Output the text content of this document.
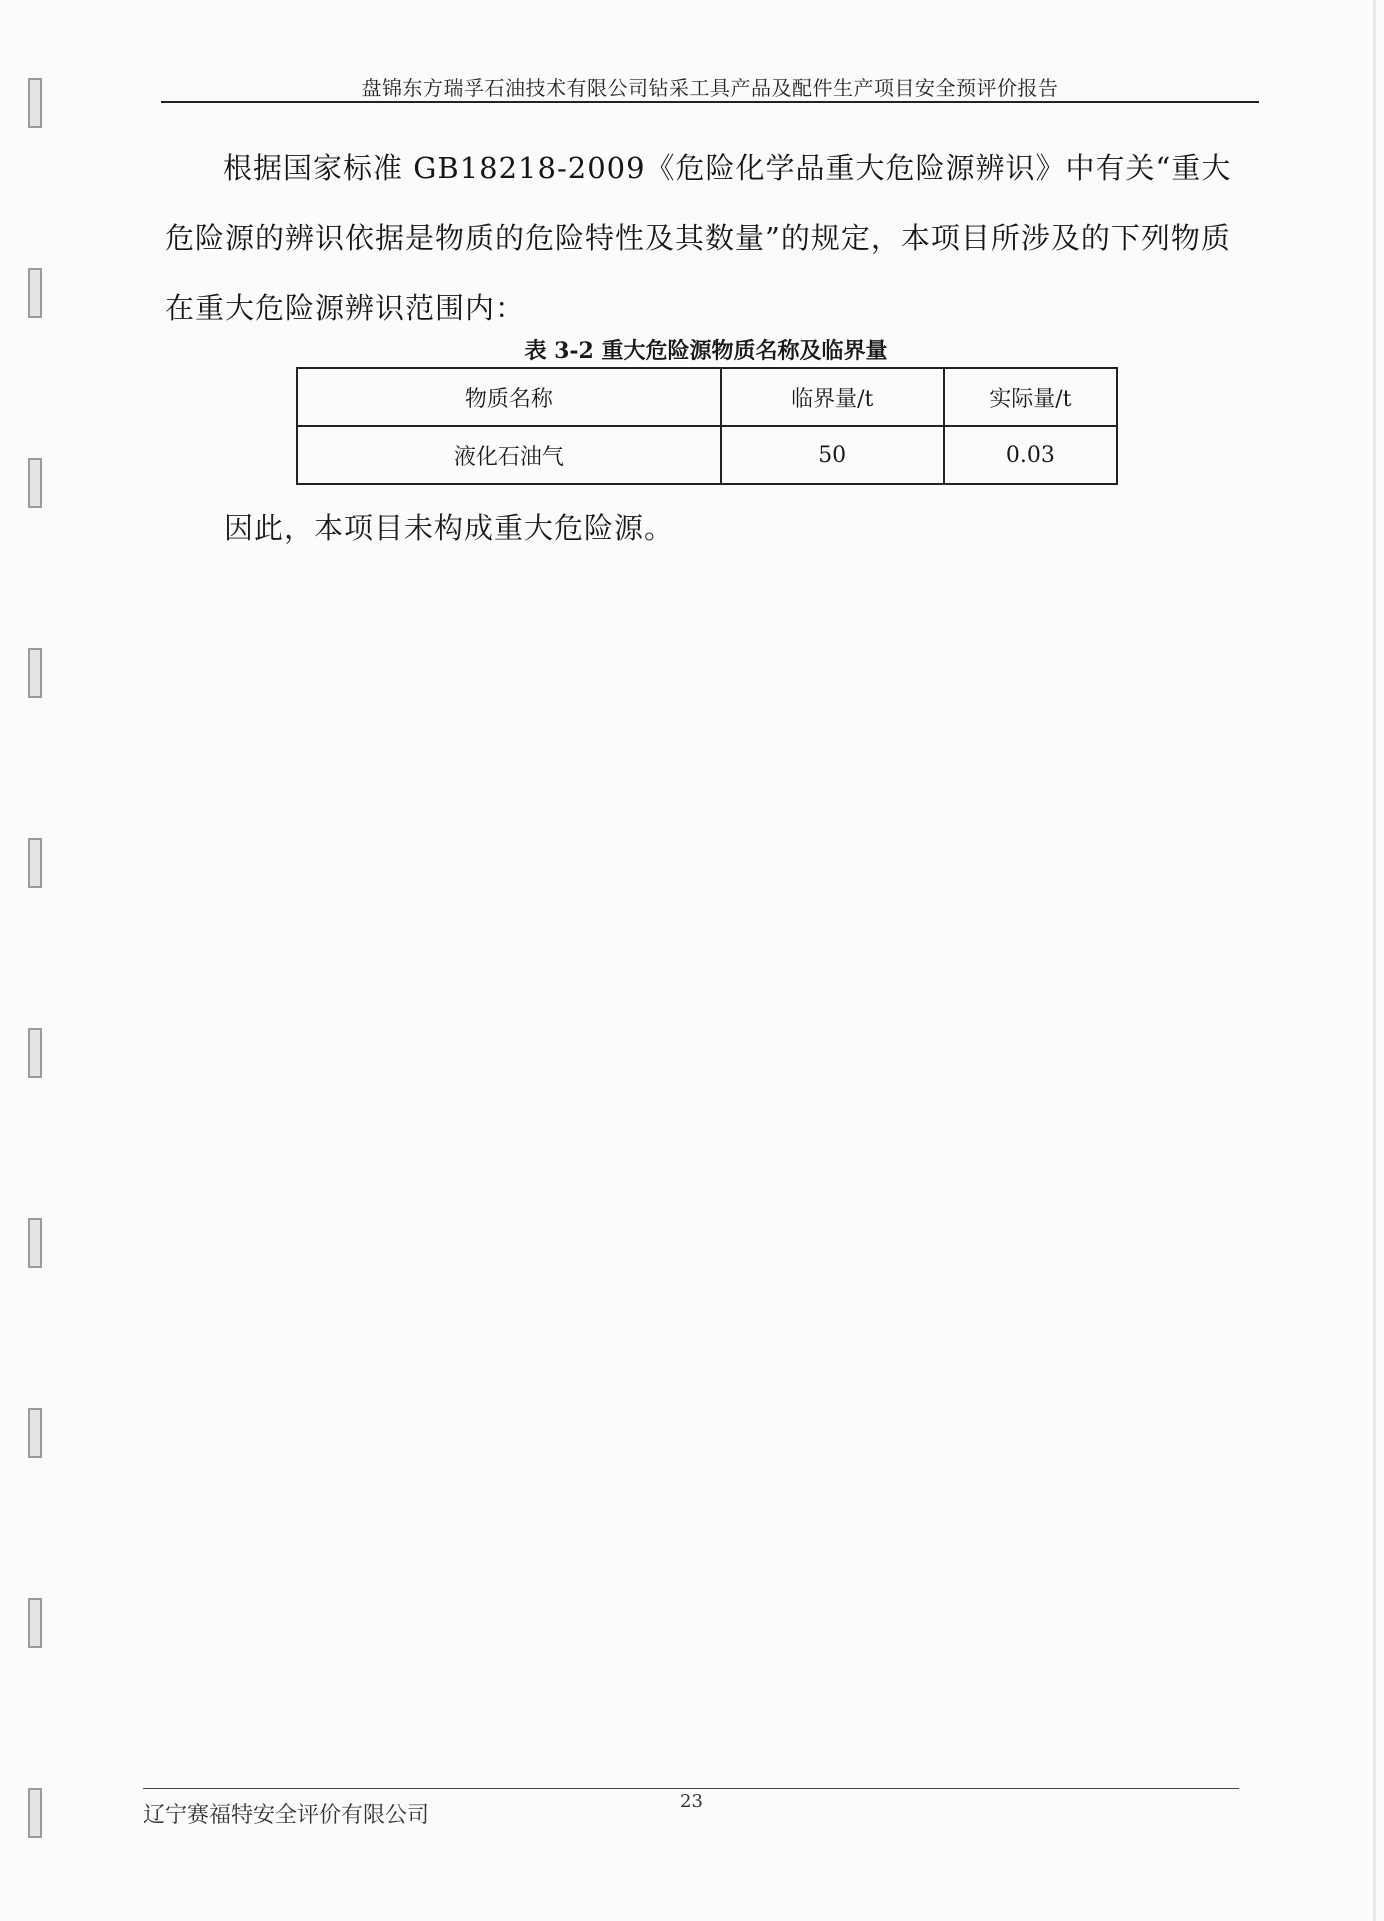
盘锦东方瑞孚石油技术有限公司钻采工具产品及配件生产项目安全预评价报告
根据国家标准 GB18218-2009《危险化学品重大危险源辨识》中有关“重大危险源的辨识依据是物质的危险特性及其数量”的规定，本项目所涉及的下列物质在重大危险源辨识范围内：
表 3-2 重大危险源物质名称及临界量
物质名称	临界量/t	实际量/t
液化石油气	50	0.03
因此，本项目未构成重大危险源。
辽宁赛福特安全评价有限公司
23
